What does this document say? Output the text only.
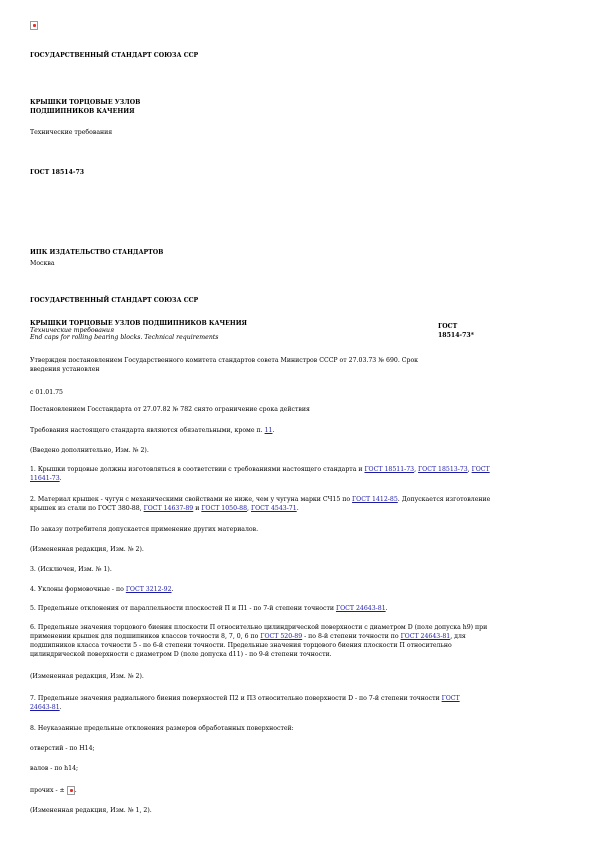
ГОСУДАРСТВЕННЫЙ СТАНДАРТ СОЮЗА ССР
КРЫШКИ ТОРЦОВЫЕ УЗЛОВ
ПОДШИПНИКОВ КАЧЕНИЯ
Технические требования
ГОСТ 18514-73
ИПК ИЗДАТЕЛЬСТВО СТАНДАРТОВ
Москва
ГОСУДАРСТВЕННЫЙ СТАНДАРТ СОЮЗА ССР
КРЫШКИ ТОРЦОВЫЕ УЗЛОВ ПОДШИПНИКОВ КАЧЕНИЯ
Технические требования
End caps for rolling bearing blocks. Technical requirements
ГОСТ
18514-73*
Утвержден постановлением Государственного комитета стандартов совета Министров СССР от 27.03.73 № 690. Срок
введения установлен
с 01.01.75
Постановлением Госстандарта от 27.07.82 № 782 снято ограничение срока действия
Требования настоящего стандарта являются обязательными, кроме п. 11.
(Введено дополнительно, Изм. № 2).
1. Крышки торцовые должны изготовляться в соответствии с требованиями настоящего стандарта и ГОСТ 18511-73, ГОСТ 18513-73, ГОСТ
11641-73.
2. Материал крышек - чугун с механическими свойствами не ниже, чем у чугуна марки СЧ15 по ГОСТ 1412-85. Допускается изготовление
крышек из стали по ГОСТ 380-88, ГОСТ 14637-89 и ГОСТ 1050-88, ГОСТ 4543-71.
По заказу потребителя допускается применение других материалов.
(Измененная редакция, Изм. № 2).
3. (Исключен, Изм. № 1).
4. Уклоны формовочные - по ГОСТ 3212-92.
5. Предельные отклонения от параллельности плоскостей П и П1 - по 7-й степени точности ГОСТ 24643-81.
6. Предельные значения торцового биения плоскости П относительно цилиндрической поверхности с диаметром D (поле допуска h9) при
применении крышек для подшипников классов точности 8, 7, 0, 6 по ГОСТ 520-89 - по 8-й степени точности по ГОСТ 24643-81, для
подшипников класса точности 5 - по 6-й степени точности. Предельные значения торцового биения плоскости П относительно
цилиндрической поверхности с диаметром D (поле допуска d11) - по 9-й степени точности.
(Измененная редакция, Изм. № 2).
7. Предельные значения радиального биения поверхностей П2 и П3 относительно поверхности D - по 7-й степени точности ГОСТ
24643-81.
8. Неуказанные предельные отклонения размеров обработанных поверхностей:
отверстий - по Н14;
валов - по h14;
прочих - ± .
(Измененная редакция, Изм. № 1, 2).
